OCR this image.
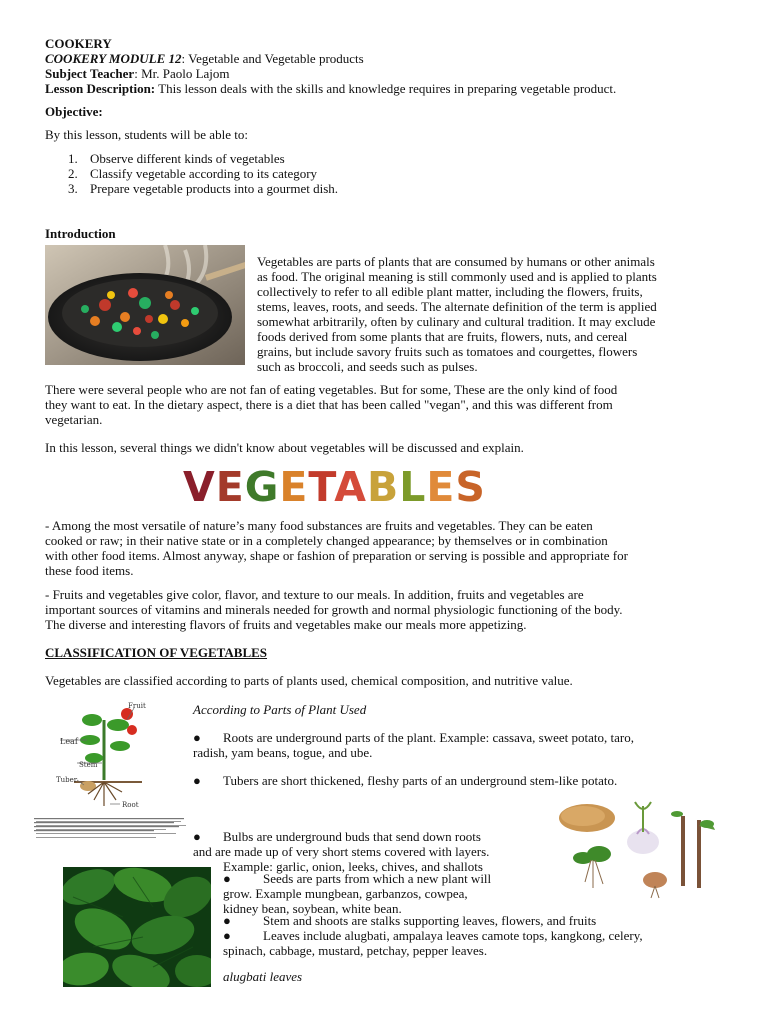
COOKERY
COOKERY MODULE 12: Vegetable and Vegetable products
Subject Teacher: Mr. Paolo Lajom
Lesson Description: This lesson deals with the skills and knowledge requires in preparing vegetable product.
Objective:
By this lesson, students will be able to:
1. Observe different kinds of vegetables
2. Classify vegetable according to its category
3. Prepare vegetable products into a gourmet dish.
Introduction

Vegetables are parts of plants that are consumed by humans or other animals

as food. The original meaning is still commonly used and is applied to plants

collectively to refer to all edible plant matter, including the flowers, fruits,

stems, leaves, roots, and seeds. The alternate definition of the term is applied

somewhat arbitrarily, often by culinary and cultural tradition. It may exclude

foods derived from some plants that are fruits, flowers, nuts, and cereal

grains, but include savory fruits such as tomatoes and courgettes, flowers

such as broccoli, and seeds such as pulses.

There were several people who are not fan of eating vegetables. But for some, These are the only kind of food

they want to eat. In the dietary aspect, there is a diet that has been called "vegan", and this was different from

vegetarian.

In this lesson, several things we didn't know about vegetables will be discussed and explain.
VEGETABLES

- Among the most versatile of nature’s many food substances are fruits and vegetables. They can be eaten

cooked or raw; in their native state or in a completely changed appearance; by themselves or in combination

with other food items. Almost anyway, shape or fashion of preparation or serving is possible and appropriate for

these food items.

- Fruits and vegetables give color, flavor, and texture to our meals. In addition, fruits and vegetables are

important sources of vitamins and minerals needed for growth and normal physiologic functioning of the body.

The diverse and interesting flavors of fruits and vegetables make our meals more appetizing.

CLASSIFICATION OF VEGETABLES
Vegetables are classified according to parts of plants used, chemical composition, and nutritive value.
Leaf
Stem
Tuber
Fruit
Root
According to Parts of Plant Used

● Roots are underground parts of the plant. Example: cassava, sweet potato, taro,

radish, yam beans, togue, and ube.

● Tubers are short thickened, fleshy parts of an underground stem-like potato.

● Bulbs are underground buds that send down roots

and are made up of very short stems covered with layers.

Example: garlic, onion, leeks, chives, and shallots

● Seeds are parts from which a new plant will

grow. Example mungbean, garbanzos, cowpea,

kidney bean, soybean, white bean.

● Stem and shoots are stalks supporting leaves, flowers, and fruits

● Leaves include alugbati, ampalaya leaves camote tops, kangkong, celery,

spinach, cabbage, mustard, petchay, pepper leaves.

alugbati leaves
